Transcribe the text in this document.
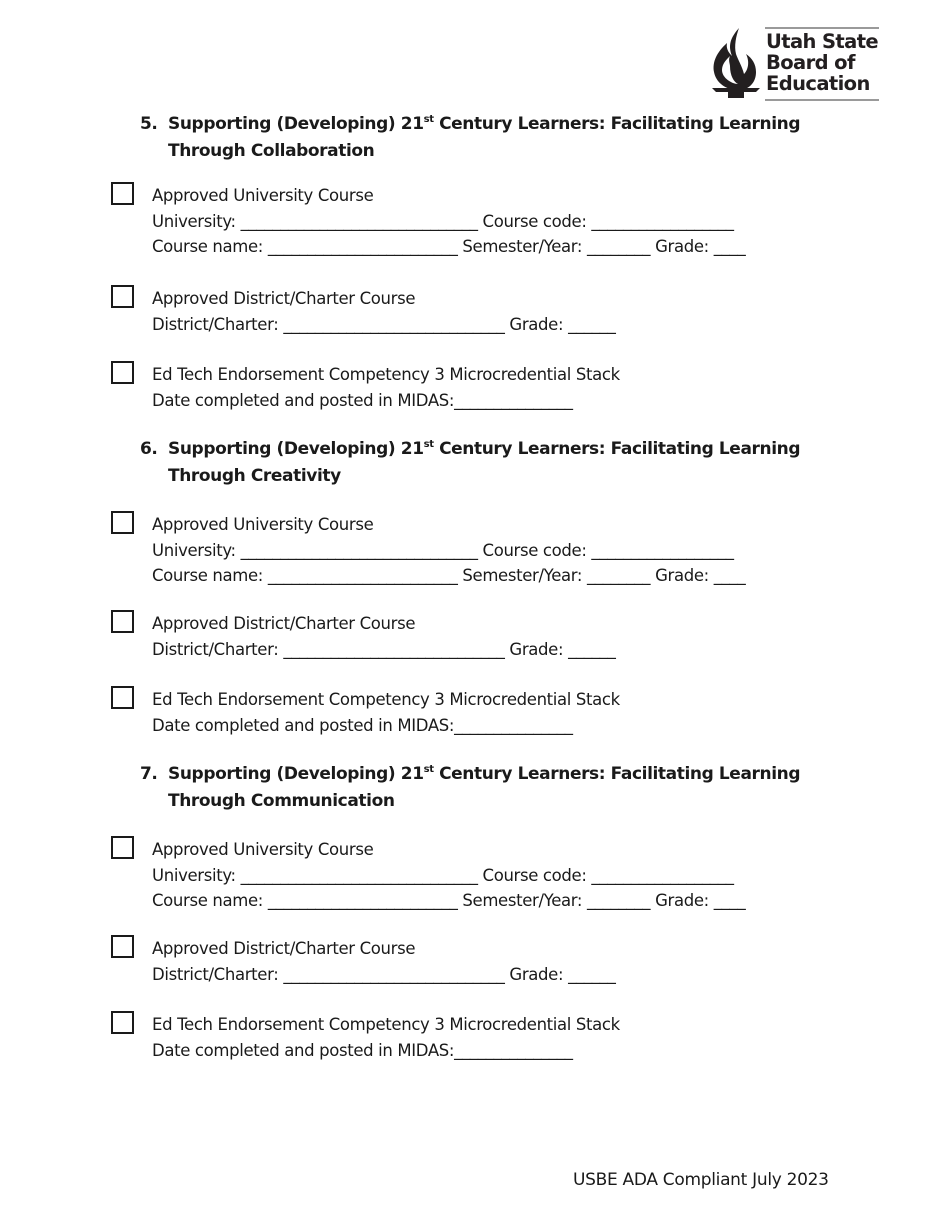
Utah State
Board of
Education
5. Supporting (Developing) 21st Century Learners: Facilitating Learning
Through Collaboration
Approved University Course
University: ______________________________ Course code: __________________
Course name: ________________________ Semester/Year: ________ Grade: ____
Approved District/Charter Course
District/Charter: ____________________________ Grade: ______
Ed Tech Endorsement Competency 3 Microcredential Stack
Date completed and posted in MIDAS:_______________
6. Supporting (Developing) 21st Century Learners: Facilitating Learning
Through Creativity
Approved University Course
University: ______________________________ Course code: __________________
Course name: ________________________ Semester/Year: ________ Grade: ____
Approved District/Charter Course
District/Charter: ____________________________ Grade: ______
Ed Tech Endorsement Competency 3 Microcredential Stack
Date completed and posted in MIDAS:_______________
7. Supporting (Developing) 21st Century Learners: Facilitating Learning
Through Communication
Approved University Course
University: ______________________________ Course code: __________________
Course name: ________________________ Semester/Year: ________ Grade: ____
Approved District/Charter Course
District/Charter: ____________________________ Grade: ______
Ed Tech Endorsement Competency 3 Microcredential Stack
Date completed and posted in MIDAS:_______________
USBE ADA Compliant July 2023
